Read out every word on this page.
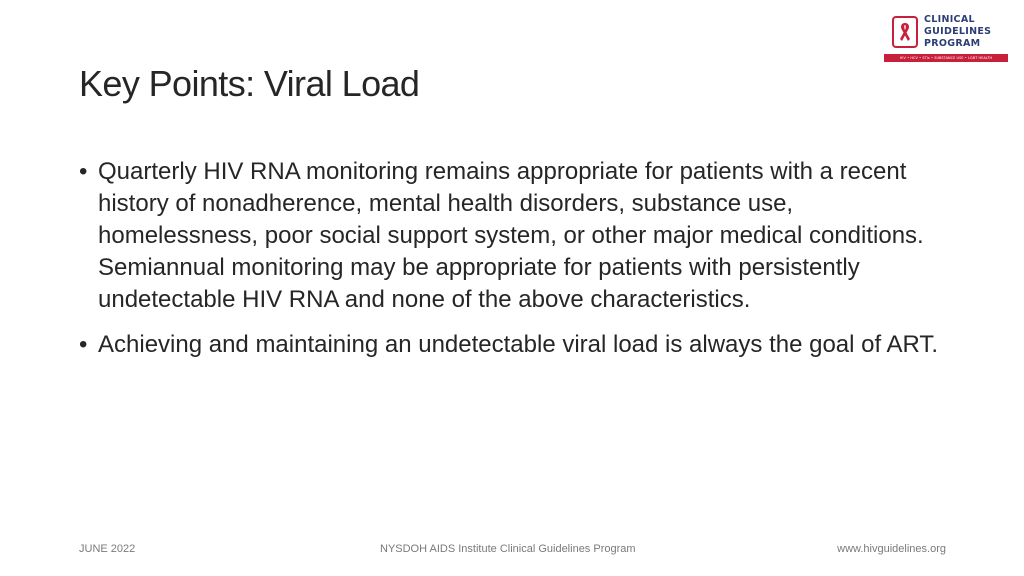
CLINICAL
GUIDELINES
PROGRAM
HIV • HCV • STIs • SUBSTANCE USE • LGBT HEALTH
Key Points: Viral Load
• Quarterly HIV RNA monitoring remains appropriate for patients with a recent history of nonadherence, mental health disorders, substance use, homelessness, poor social support system, or other major medical conditions. Semiannual monitoring may be appropriate for patients with persistently undetectable HIV RNA and none of the above characteristics.
• Achieving and maintaining an undetectable viral load is always the goal of ART.
JUNE 2022	NYSDOH AIDS Institute Clinical Guidelines Program	www.hivguidelines.org
